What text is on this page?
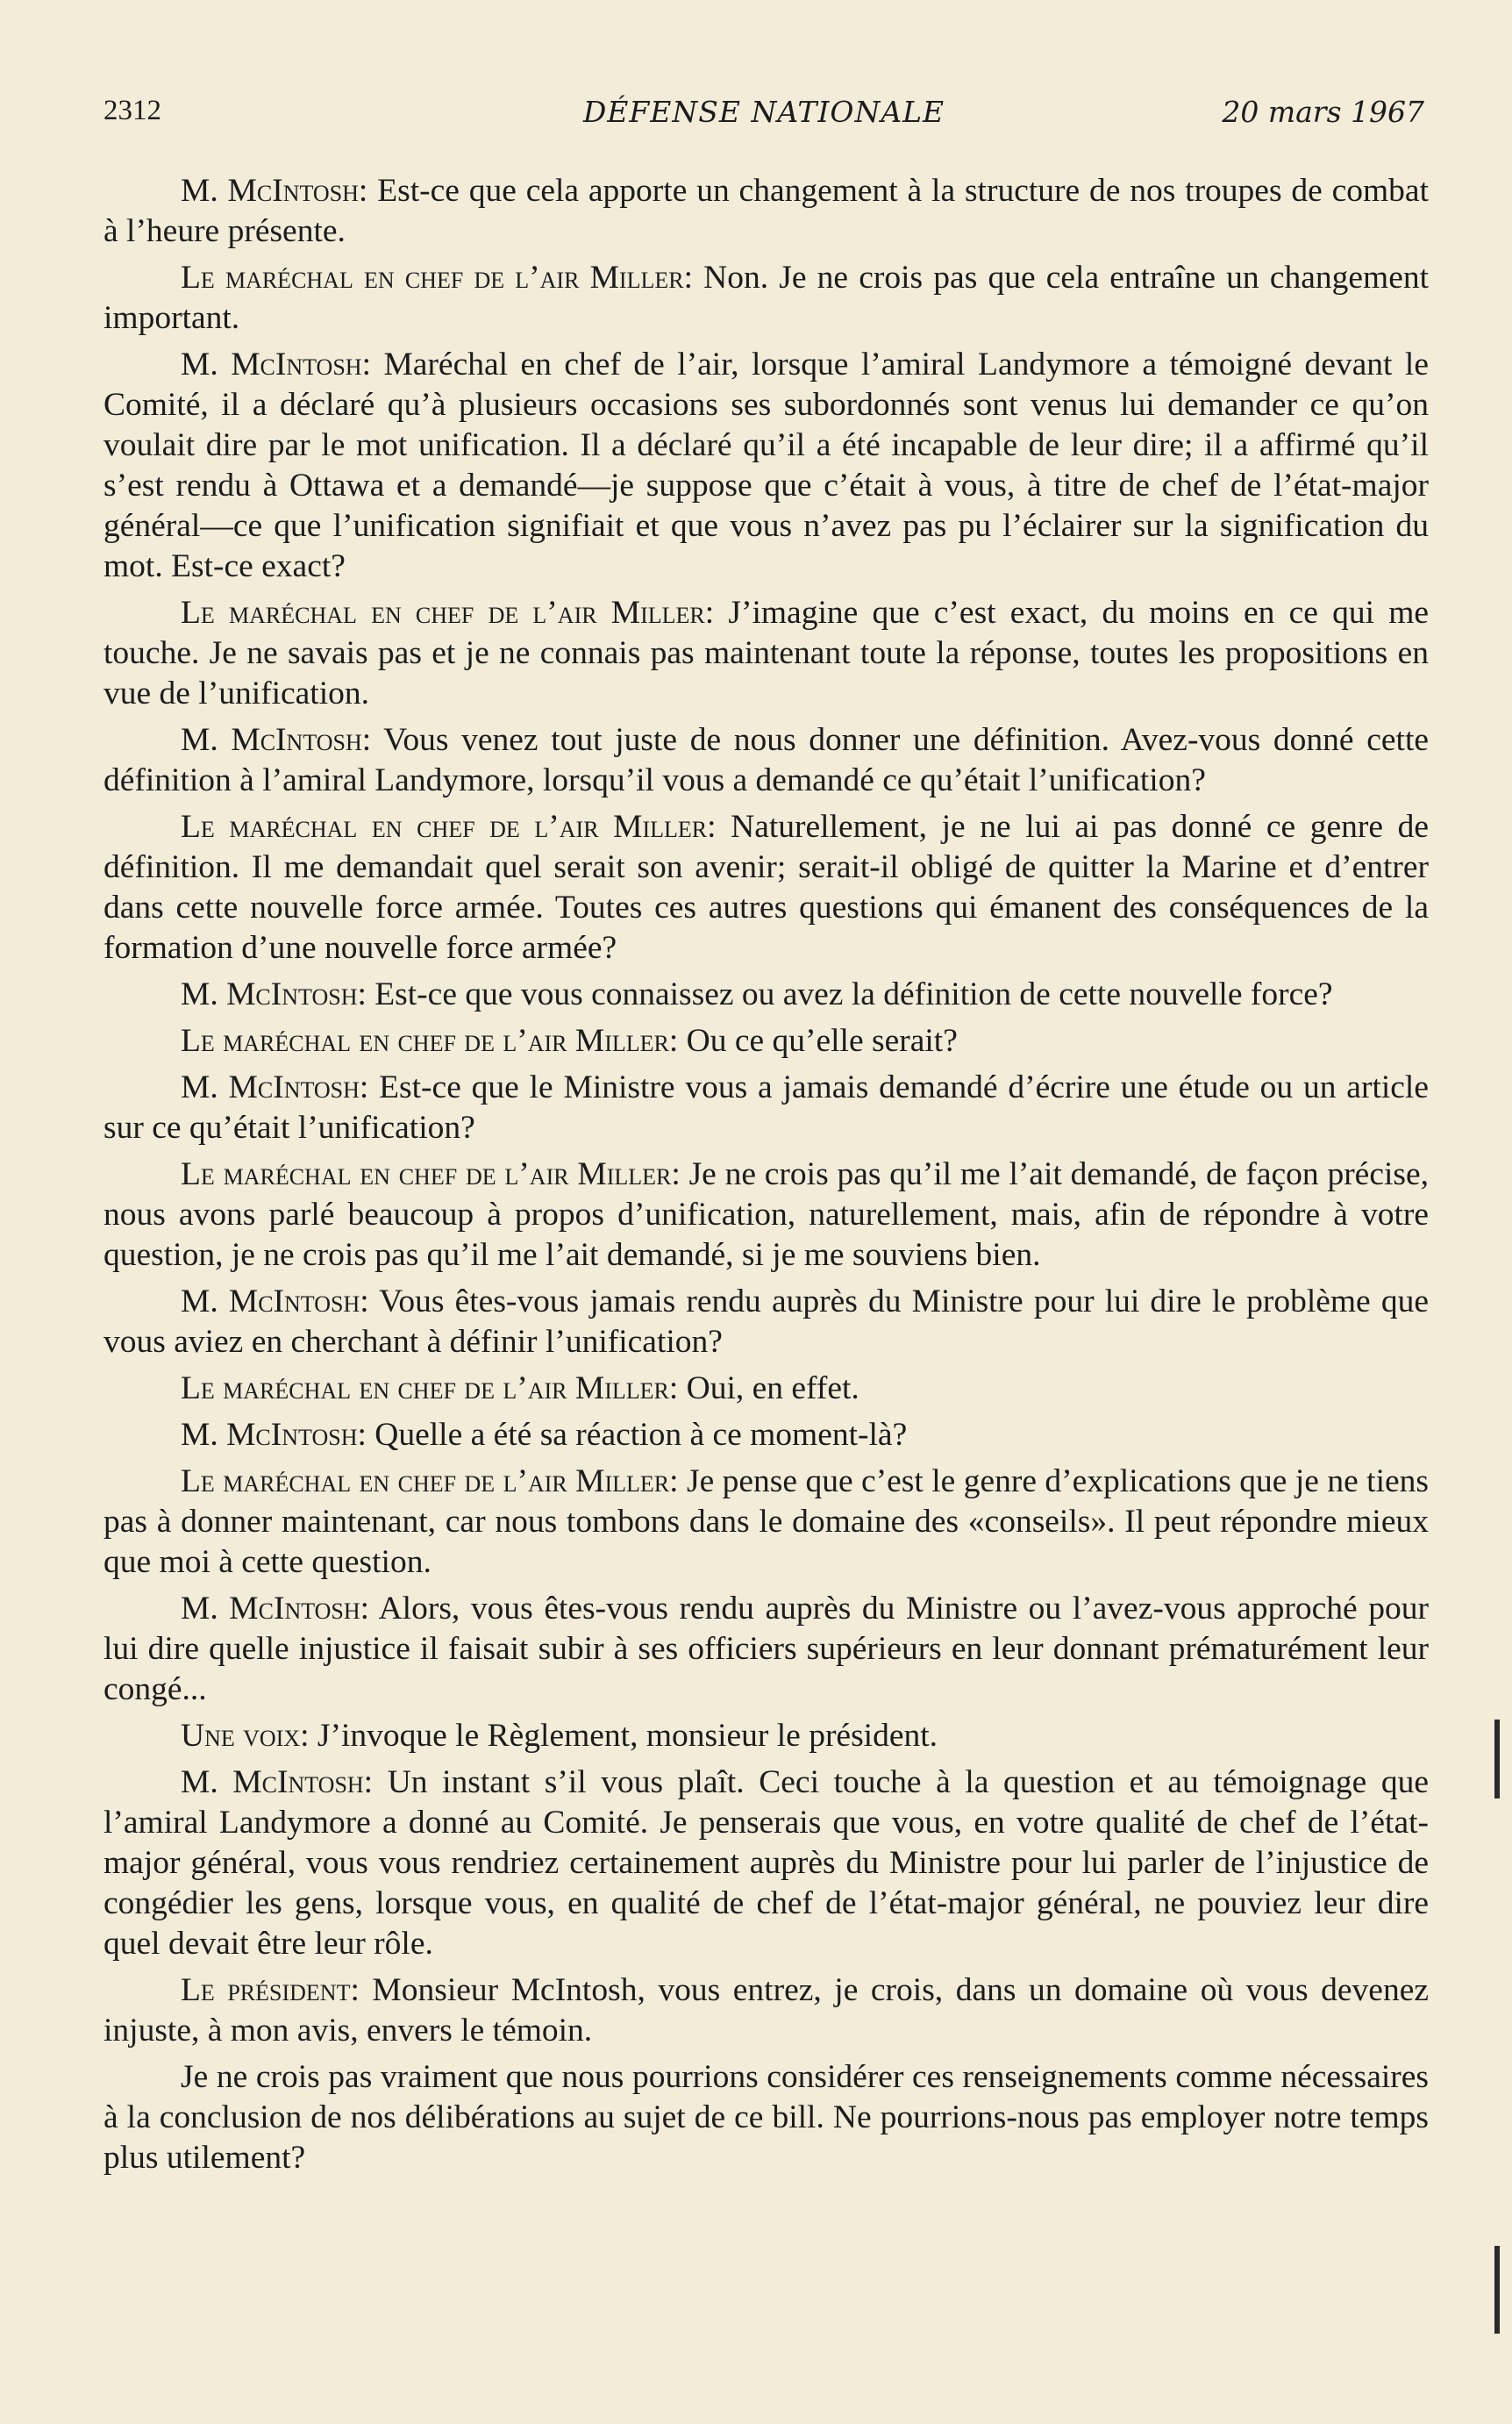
2312	DÉFENSE NATIONALE	20 mars 1967

M. McIntosh: Est-ce que cela apporte un changement à la structure de nos troupes de combat à l’heure présente.

Le maréchal en chef de l’air Miller: Non. Je ne crois pas que cela entraîne un changement important.

M. McIntosh: Maréchal en chef de l’air, lorsque l’amiral Landymore a témoigné devant le Comité, il a déclaré qu’à plusieurs occasions ses subordonnés sont venus lui demander ce qu’on voulait dire par le mot unification. Il a déclaré qu’il a été incapable de leur dire; il a affirmé qu’il s’est rendu à Ottawa et a demandé—je suppose que c’était à vous, à titre de chef de l’état-major général—ce que l’unification signifiait et que vous n’avez pas pu l’éclairer sur la signification du mot. Est-ce exact?

Le maréchal en chef de l’air Miller: J’imagine que c’est exact, du moins en ce qui me touche. Je ne savais pas et je ne connais pas maintenant toute la réponse, toutes les propositions en vue de l’unification.

M. McIntosh: Vous venez tout juste de nous donner une définition. Avez-vous donné cette définition à l’amiral Landymore, lorsqu’il vous a demandé ce qu’était l’unification?

Le maréchal en chef de l’air Miller: Naturellement, je ne lui ai pas donné ce genre de définition. Il me demandait quel serait son avenir; serait-il obligé de quitter la Marine et d’entrer dans cette nouvelle force armée. Toutes ces autres questions qui émanent des conséquences de la formation d’une nouvelle force armée?

M. McIntosh: Est-ce que vous connaissez ou avez la définition de cette nouvelle force?

Le maréchal en chef de l’air Miller: Ou ce qu’elle serait?

M. McIntosh: Est-ce que le Ministre vous a jamais demandé d’écrire une étude ou un article sur ce qu’était l’unification?

Le maréchal en chef de l’air Miller: Je ne crois pas qu’il me l’ait demandé, de façon précise, nous avons parlé beaucoup à propos d’unification, naturellement, mais, afin de répondre à votre question, je ne crois pas qu’il me l’ait demandé, si je me souviens bien.

M. McIntosh: Vous êtes-vous jamais rendu auprès du Ministre pour lui dire le problème que vous aviez en cherchant à définir l’unification?

Le maréchal en chef de l’air Miller: Oui, en effet.

M. McIntosh: Quelle a été sa réaction à ce moment-là?

Le maréchal en chef de l’air Miller: Je pense que c’est le genre d’explications que je ne tiens pas à donner maintenant, car nous tombons dans le domaine des «conseils». Il peut répondre mieux que moi à cette question.

M. McIntosh: Alors, vous êtes-vous rendu auprès du Ministre ou l’avez-vous approché pour lui dire quelle injustice il faisait subir à ses officiers supérieurs en leur donnant prématurément leur congé...

Une voix: J’invoque le Règlement, monsieur le président.

M. McIntosh: Un instant s’il vous plaît. Ceci touche à la question et au témoignage que l’amiral Landymore a donné au Comité. Je penserais que vous, en votre qualité de chef de l’état-major général, vous vous rendriez certainement auprès du Ministre pour lui parler de l’injustice de congédier les gens, lorsque vous, en qualité de chef de l’état-major général, ne pouviez leur dire quel devait être leur rôle.

Le président: Monsieur McIntosh, vous entrez, je crois, dans un domaine où vous devenez injuste, à mon avis, envers le témoin.

Je ne crois pas vraiment que nous pourrions considérer ces renseignements comme nécessaires à la conclusion de nos délibérations au sujet de ce bill. Ne pourrions-nous pas employer notre temps plus utilement?
